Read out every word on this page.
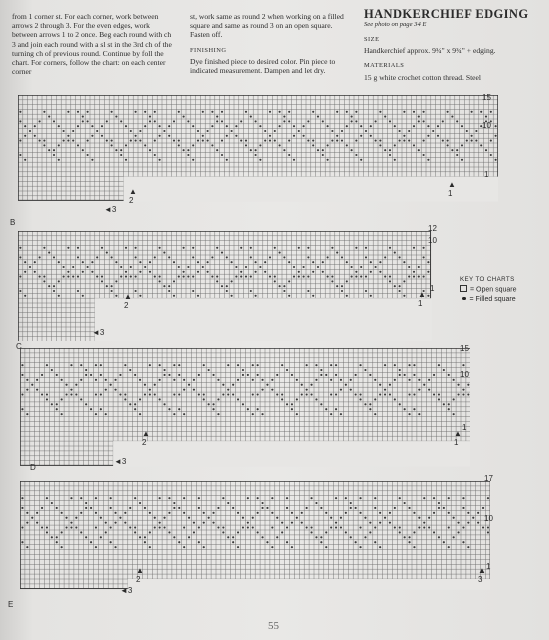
from 1 corner st. For each corner, work between arrows 2 through 3. For the even edges, work between arrows 1 to 2 once. Beg each round with ch 3 and join each round with a sl st in the 3rd ch of the turning ch of previous round. Continue by foll the chart. For corners, follow the chart: on each center corner
st, work same as round 2 when working on a filled square and same as round 3 on an open square. Fasten off.
FINISHING
Dye finished piece to desired color. Pin piece to indicated measurement. Dampen and let dry.
HANDKERCHIEF EDGING
See photo on page 34 E
SIZE
Handkerchief approx. 9¾" x 9¾" + edging.
MATERIALS
15 g white crochet cotton thread. Steel
15
10
1
▲
2
▲
1
◄3
B
12
10
1
▲
2
▲
1
◄3
C	15
10
1
▲
2
▲
1
◄3
D
17
10
1
▲
2
▲
3
◄3
E
KEY TO CHARTS
= Open square
= Filled square
55
